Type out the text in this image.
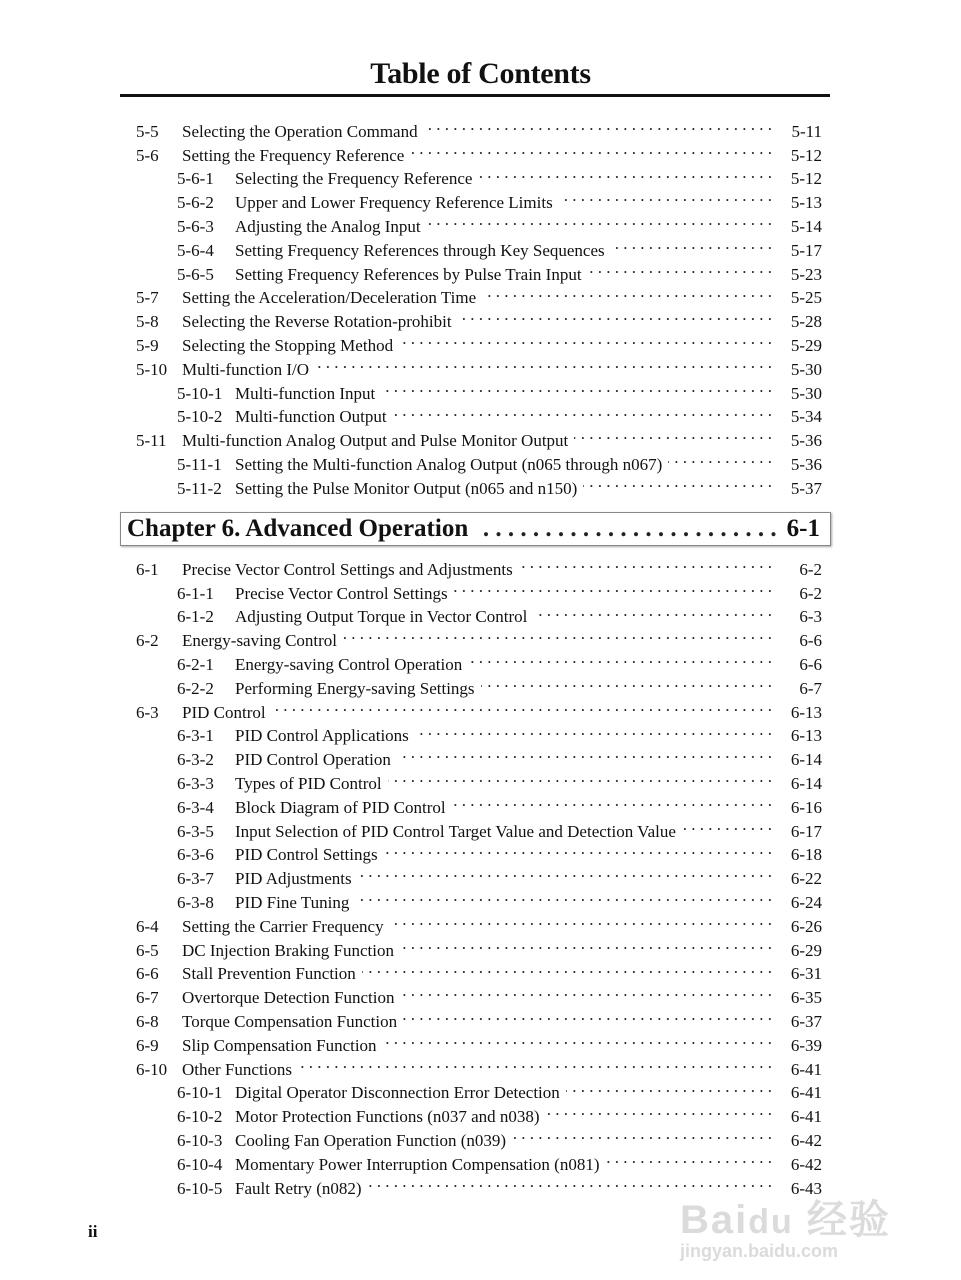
Table of Contents
5-5	Selecting the Operation Command . . .	5-11
5-6	Setting the Frequency Reference . . .	5-12
5-6-1	Selecting the Frequency Reference . . .	5-12
5-6-2	Upper and Lower Frequency Reference Limits . . .	5-13
5-6-3	Adjusting the Analog Input . . .	5-14
5-6-4	Setting Frequency References through Key Sequences . . .	5-17
5-6-5	Setting Frequency References by Pulse Train Input . . .	5-23
5-7	Setting the Acceleration/Deceleration Time . . .	5-25
5-8	Selecting the Reverse Rotation-prohibit . . .	5-28
5-9	Selecting the Stopping Method . . .	5-29
5-10 Multi-function I/O . . .	5-30
5-10-1 Multi-function Input . . .	5-30
5-10-2 Multi-function Output . . .	5-34
5-11 Multi-function Analog Output and Pulse Monitor Output . . .	5-36
5-11-1 Setting the Multi-function Analog Output (n065 through n067) . . .	5-36
5-11-2 Setting the Pulse Monitor Output (n065 and n150) . . .	5-37
Chapter 6. Advanced Operation . . .	6-1
6-1	Precise Vector Control Settings and Adjustments . . .	6-2
6-1-1	Precise Vector Control Settings . . .	6-2
6-1-2	Adjusting Output Torque in Vector Control . . .	6-3
6-2	Energy-saving Control . . .	6-6
6-2-1	Energy-saving Control Operation . . .	6-6
6-2-2	Performing Energy-saving Settings . . .	6-7
6-3	PID Control . . .	6-13
6-3-1	PID Control Applications . . .	6-13
6-3-2	PID Control Operation . . .	6-14
6-3-3	Types of PID Control . . .	6-14
6-3-4	Block Diagram of PID Control . . .	6-16
6-3-5	Input Selection of PID Control Target Value and Detection Value . . .	6-17
6-3-6	PID Control Settings . . .	6-18
6-3-7	PID Adjustments . . .	6-22
6-3-8	PID Fine Tuning . . .	6-24
6-4	Setting the Carrier Frequency . . .	6-26
6-5	DC Injection Braking Function . . .	6-29
6-6	Stall Prevention Function . . .	6-31
6-7	Overtorque Detection Function . . .	6-35
6-8	Torque Compensation Function . . .	6-37
6-9	Slip Compensation Function . . .	6-39
6-10 Other Functions . . .	6-41
6-10-1 Digital Operator Disconnection Error Detection . . .	6-41
6-10-2 Motor Protection Functions (n037 and n038) . . .	6-41
6-10-3 Cooling Fan Operation Function (n039) . . .	6-42
6-10-4 Momentary Power Interruption Compensation (n081) . . .	6-42
6-10-5 Fault Retry (n082) . . .	6-43
ii	Baidu 经验
jingyan.baidu.com
